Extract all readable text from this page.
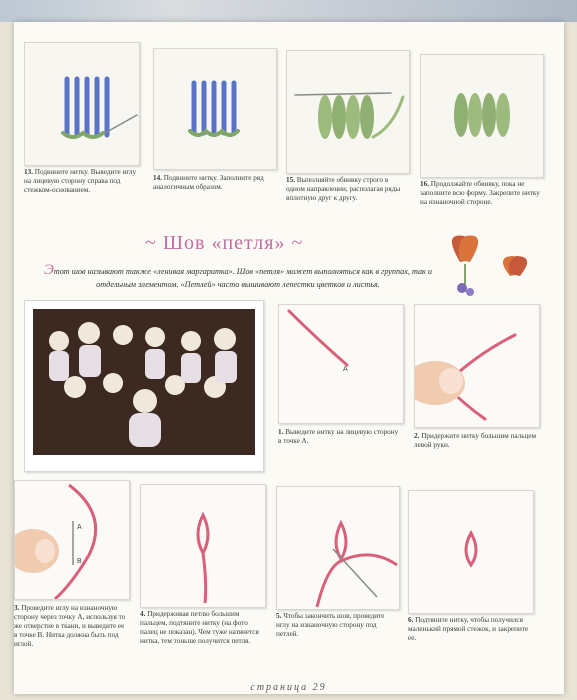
13. Подвините нитку. Выведите иглу на лицевую сторону справа под стежком-основанием.
14. Подвините нитку. Заполните ряд аналогичным образом.
15. Выполняйте обвивку строго в одном направлении, располагая ряды вплотную друг к другу.
16. Продолжайте обвивку, пока не заполните всю форму. Закрепите нитку на изнаночной стороне.
~ Шов «петля» ~
Этот шов называют также «ленивая маргаритка». Шов «петля» может выполняться как в группах, так и отдельным элементом. «Петлей» часто вышивают лепестки цветков и листья.
A
1. Выведите нитку на лицевую сторону в точке А.
2. Придержите нитку большим пальцем левой руки.
A
B
3. Проведите иглу на изнаночную сторону через точку А, используя то же отверстие в ткани, и выведите ее в точке В. Нитка должна быть под иглой.
4. Придерживая петлю большим пальцем, подтяните нитку (на фото палец не показан). Чем туже натянется нитка, тем тоньше получится петля.
5. Чтобы закончить шов, проведите иглу на изнаночную сторону под петлей.
6. Подтяните нитку, чтобы получился маленький прямой стежок, и закрепите ее.
страница 29
